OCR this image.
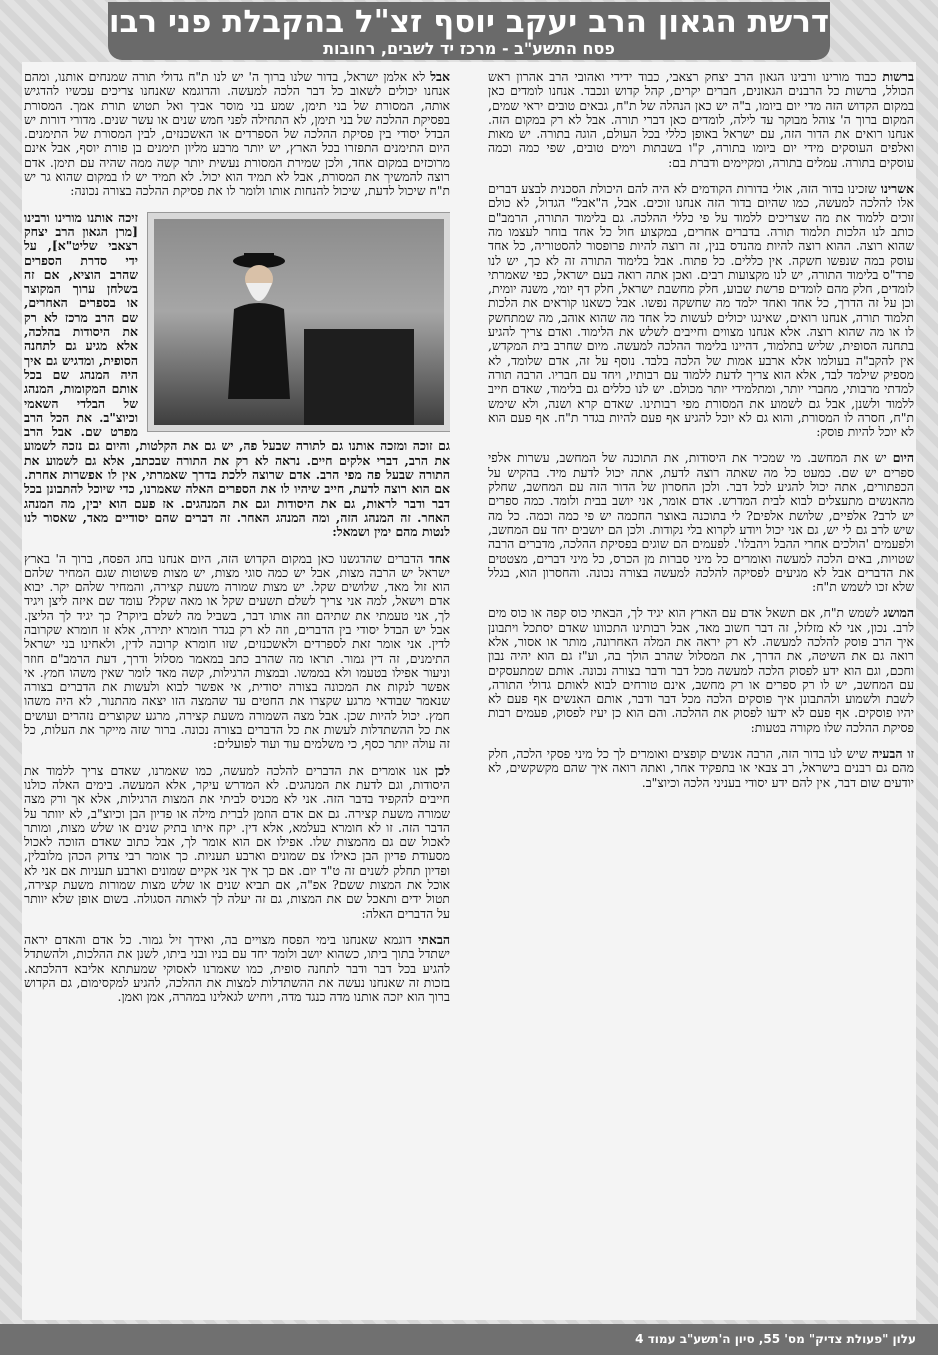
דרשת הגאון הרב יעקב יוסף זצ"ל בהקבלת פני רבו
פסח התשע"ב - מרכז יד לשבים, רחובות

ברשות כבוד מורינו ורבינו הגאון הרב יצחק רצאבי, כבוד ידידי ואהובי הרב אהרון ראש הכולל, ברשות כל הרבנים הגאונים, חברים יקרים, קהל קדוש ונכבד. אנחנו לומדים כאן במקום הקדוש הזה מדי יום ביומו, ב"ה יש כאן הנהלה של ת"ח, גבאים טובים יראי שמים, המקום ברוך ה' צוהל מבוקר עד לילה, לומדים כאן דברי תורה. אבל לא רק במקום הזה. אנחנו רואים את הדור הזה, עם ישראל באופן כללי בכל העולם, הוגה בתורה. יש מאות ואלפים העוסקים מידי יום ביומו בתורה, ק"ו בשבתות וימים טובים, שפי כמה וכמה עוסקים בתורה. עמלים בתורה, ומקיימים ודברת בם:

אשרינו שזכינו בדור הזה, אולי בדורות הקודמים לא היה להם היכולת הסכנית לבצע דברים אלו להלכה למעשה, כמו שהיום בדור הזה אנחנו זוכים. אבל, ה"אבל" הגדול, לא כולם זוכים ללמוד את מה שצריכים ללמוד על פי כללי ההלכה. גם בלימוד התורה, הרמב"ם כותב לנו הלכות תלמוד תורה. בדברים אחרים, במקצוע חול כל אחד בוחר לעצמו מה שהוא רוצה. ההוא רוצה להיות מהנדס בנין, זה רוצה להיות פרופסור להסטוריה, כל אחד עוסק במה שנפשו חשקה. אין כללים. כל פתוח. אבל בלימוד התורה זה לא כך, יש לנו פרד"ס בלימוד התורה, יש לנו מקצועות רבים. ואכן אתה רואה בעם ישראל, כפי שאמרתי לומדים, חלק מהם לומדים פרשת שבוע, חלק מחשבת ישראל, חלק דף יומי, משנה יומית, וכן על זה הדרך, כל אחד ואחד ילמד מה שחשקה נפשו. אבל כשאנו קוראים את הלכות תלמוד תורה, אנחנו רואים, שאינגו יכולים לעשות כל אחד מה שהוא אוהב, מה שמתחשק לו או מה שהוא רוצה. אלא אנחנו מצווים וחייבים לשלש את הלימוד. ואדם צריך להגיע בתחנה הסופית, שליש בתלמוד, דהיינו בלימוד ההלכה למעשה. מיום שחרב בית המקדש, אין להקב"ה בעולמו אלא ארבע אמות של הלכה בלבד. נוסף על זה, אדם שלומד, לא מספיק שילמד לבד, אלא הוא צריך לדעת ללמוד עם רבותיו, ויחד עם חבריו. הרבה תורה למדתי מרבותי, מחברי יותר, ומתלמידי יותר מכולם. יש לנו כללים גם בלימוד, שאדם חייב ללמוד ולשנן, אבל גם לשמוע את המסורת מפי רבותינו. שאדם קרא ושנה, ולא שימש ת"ח, חסרה לו המסורת, והוא גם לא יוכל להגיע אף פעם להיות בגדר ת"ח. אף פעם הוא לא יוכל להיות פוסק:

היום יש את המחשב. מי שמכיר את היסודות, את התוכנה של המחשב, עשרות אלפי ספרים יש שם. כמעט כל מה שאתה רוצה לדעת, אתה יכול לדעת מיד. בהקיש על הכפתורים, אתה יכול להגיע לכל דבר. ולכן החסרון של הדור הזה עם המחשב, שחלק מהאנשים מתעצלים לבוא לבית המדרש. אדם אומר, אני יושב בבית ולומד. כמה ספרים יש לרב? אלפיים, שלושת אלפים? לי בתוכנה באוצר החכמה יש פי כמה וכמה. כל מה שיש לרב גם לי יש, גם אני יכול ויודע לקרוא בלי נקודות. ולכן הם יושבים יחד עם המחשב, ולפעמים 'הולכים אחרי ההבל ויהבלו'. לפעמים הם שוגים בפסיקת ההלכה, מדברים הרבה שטויות, באים הלכה למעשה ואומרים כל מיני סברות מן הכרס, כל מיני דברים, מצטטים את הדברים אבל לא מגיעים לפסיקה להלכה למעשה בצורה נכונה. והחסרון הוא, בגלל שלא זכו לשמש ת"ח:

המושג לשמש ת"ח, אם תשאל אדם עם הארץ הוא יגיד לך, הבאתי כוס קפה או כוס מים לרב. נכון, אני לא מזלזל, זה דבר חשוב מאד, אבל רבותינו התכוונו שאדם יסתכל ויתבונן איך הרב פוסק להלכה למעשה. לא רק יראה את המלה האחרונה, מותר או אסור, אלא רואה גם את השיטה, את הדרך, את המסלול שהרב הולך בה, וע"ז גם הוא יהיה נבון וחכם, וגם הוא ידע לפסוק הלכה למעשה מכל דבר ודבר בצורה נכונה. אותם שמתעסקים עם המחשב, יש לו רק ספרים או רק מחשב, אינם טורחים לבוא לאותם גדולי התורה, לשבת ולשמוע ולהתבונן איך פוסקים הלכה מכל דבר ודבר, אותם האנשים אף פעם לא יהיו פוסקים. אף פעם לא ידעו לפסוק את ההלכה. והם הוא כן יעיז לפסוק, פעמים רבות פסיקת ההלכה שלו מקורה בטעות:

זו הבעיה שיש לנו בדור הזה, הרבה אנשים קופצים ואומרים לך כל מיני פסקי הלכה, חלק מהם גם רבנים בישראל, רב צבאי או בתפקיד אחר, ואתה רואה איך שהם מקשקשים, לא יודעים שום דבר, אין להם ידע יסודי בעניני הלכה וכיוצ"ב.

אבל לא אלמן ישראל, בדור שלנו ברוך ה' יש לנו ת"ח גדולי תורה שמנחים אותנו, ומהם אנחנו יכולים לשאוב כל דבר הלכה למעשה. והדוגמא שאנחנו צריכים עכשיו להדגיש אותה, המסורת של בני תימן, שמע בני מוסר אביך ואל תטוש תורת אמך. המסורת בפסיקת ההלכה של בני תימן, לא התחילה לפני חמש שנים או עשר שנים. מדורי דורות יש הבדל יסודי בין פסיקת ההלכה של הספרדים או האשכנזים, לבין המסורת של התימנים. היום התימנים התפזרו בכל הארץ, יש יותר מרבע מליון תימנים בן פורת יוסף, אבל אינם מרוכזים במקום אחד, ולכן שמירת המסורת נעשית יותר קשה ממה שהיה עם תימן. אדם רוצה להמשיך את המסורת, אבל לא תמיד הוא יכול. לא תמיד יש לו במקום שהוא גר יש ת"ח שיכול לדעת, שיכול להנחות אותו ולומר לו את פסיקת ההלכה בצורה נכונה:

זיכה אותנו מורינו ורבינו [מרן הגאון הרב יצחק רצאבי שליט"א], על ידי סדרת הספרים שהרב הוציא, אם זה בשלחן ערוך המקוצר או בספרים האחרים, שם הרב מרכז לא רק את היסודות בהלכה, אלא מגיע גם לתחנה הסופית, ומדגיש גם איך היה המנהג שם בכל אותם המקומות, המנהג של הבלדי השאמי וכיוצ"ב. את הכל הרב מפרט שם. אבל הרב גם זוכה ומזכה אותנו גם לתורה שבעל פה, יש גם את הקלטות, והיום גם נזכה לשמוע את הרב, דברי אלקים חיים. נראה לא רק את התורה שבכתב, אלא גם לשמוע את התורה שבעל פה מפי הרב. אדם שרוצה ללכת בדרך שאמרתי, אין לו אפשרות אחרת. אם הוא רוצה לדעת, חייב שיהיו לו את הספרים האלה שאמרנו, כדי שיוכל להתבונן בכל דבר ודבר לראות, גם את היסודות וגם את המנהגים. אז פעם הוא יבין, מה המנהג האחר. זה המנהג הזה, ומה המנהג האחר. זה דברים שהם יסודיים מאד, שאסור לנו לנטות מהם ימין ושמאל:

אחד הדברים שהדגשנו כאן במקום הקדוש הזה, היום אנחנו בחג הפסח, ברוך ה' בארץ ישראל יש הרבה מצות, אבל יש כמה סוגי מצות, יש מצות פשוטות שגם המחיר שלהם הוא זול מאד, שלושים שקל. יש מצות שמורה משעת קצירה, והמחיר שלהם יקר. יבוא אדם וישאל, למה אני צריך לשלם תשעים שקל או מאה שקל? עומד שם איזה ליצן ויגיד לך, אני טעמתי את שתיהם וזה אותו דבר, בשביל מה לשלם ביוקר? כך יגיד לך הליצן. אבל יש הבדל יסודי בין הדברים, וזה לא רק בגדר חומרא יתירה, אלא זו חומרא שקרובה לדין. אני אומר זאת לספרדים ולאשכנזים, שזו חומרא קרובה לדין, ולאחינו בני ישראל התימנים, זה דין גמור. תראו מה שהרב כתב במאמר מסלול ודרך, דעת הרמב"ם חוזר וניעור אפילו בטעמו ולא בממשו. ובמצות הרגילות, קשה מאד לומר שאין משהו חמץ. אי אפשר לנקות את המכונה בצורה יסודית, אי אפשר לבוא ולעשות את הדברים בצורה שנאמר שבודאי מרגע שקצרו את החטים עד שהמצה הזו יצאה מהתנור, לא היה משהו חמץ. יכול להיות שכן. אבל מצה השמורה משעת קצירה, מרגע שקוצרים נזהרים ועושים את כל ההשתדלות לעשות את כל הדברים בצורה נכונה. ברור שזה מייקר את העלות, כל זה עולה יותר כסף, כי משלמים עוד ועוד לפועלים:

לכן אנו אומרים את הדברים להלכה למעשה, כמו שאמרנו, שאדם צריך ללמוד את היסודות, וגם לדעת את המנהגים. לא המדרש עיקר, אלא המעשה. בימים האלה כולנו חייבים להקפיד בדבר הזה. אני לא מכניס לביתי את המצות הרגילות, אלא אך ורק מצה שמורה משעת קצירה. גם אם אדם הוזמן לברית מילה או פדיון הבן וכיוצ"ב, לא יוותר על הדבר הזה. זו לא חומרא בעלמא, אלא דין. יקח איתו בתיק שנים או שלש מצות, ומותר לאכול שם גם מהמצות שלו. אפילו אם הוא אומר לך, אבל כתוב שאדם הזוכה לאכול מסעודת פדיון הבן כאילו צם שמונים וארבע תעניות. כך אומר רבי צדוק הכהן מלובלין, ופדיון תחלק לשנים זה ט"ד יום. אם כך איך אני אקיים שמונים וארבע תעניות אם אני לא אוכל את המצות ששם? אפ"ה, אם תביא שנים או שלש מצות שמורות משעת קצירה, תטול ידים ותאכל שם את המצות, גם זה יעלה לך לאותה הסגולה. בשום אופן שלא יוותר על הדברים האלה:

הבאתי דוגמא שאנחנו בימי הפסח מצויים בה, ואידך זיל גמור. כל אדם והאדם יראה ישתדל בתוך ביתו, כשהוא יושב ולומד יחד עם בניו ובני ביתו, לשנן את ההלכות, ולהשתדל להגיע בכל דבר ודבר לתחנה סופית, כמו שאמרנו לאסוקי שמעתתא אליבא דהלכתא. בזכות זה שאנחנו נעשה את ההשתדלות למצות את ההלכה, להגיע למקסימום, גם הקדוש ברוך הוא יזכה אותנו מדה כנגד מדה, ויחיש לגאלינו במהרה, אמן ואמן.

עלון "פעולת צדיק" מס' 55, סיון ה'תשע"ב עמוד 4
